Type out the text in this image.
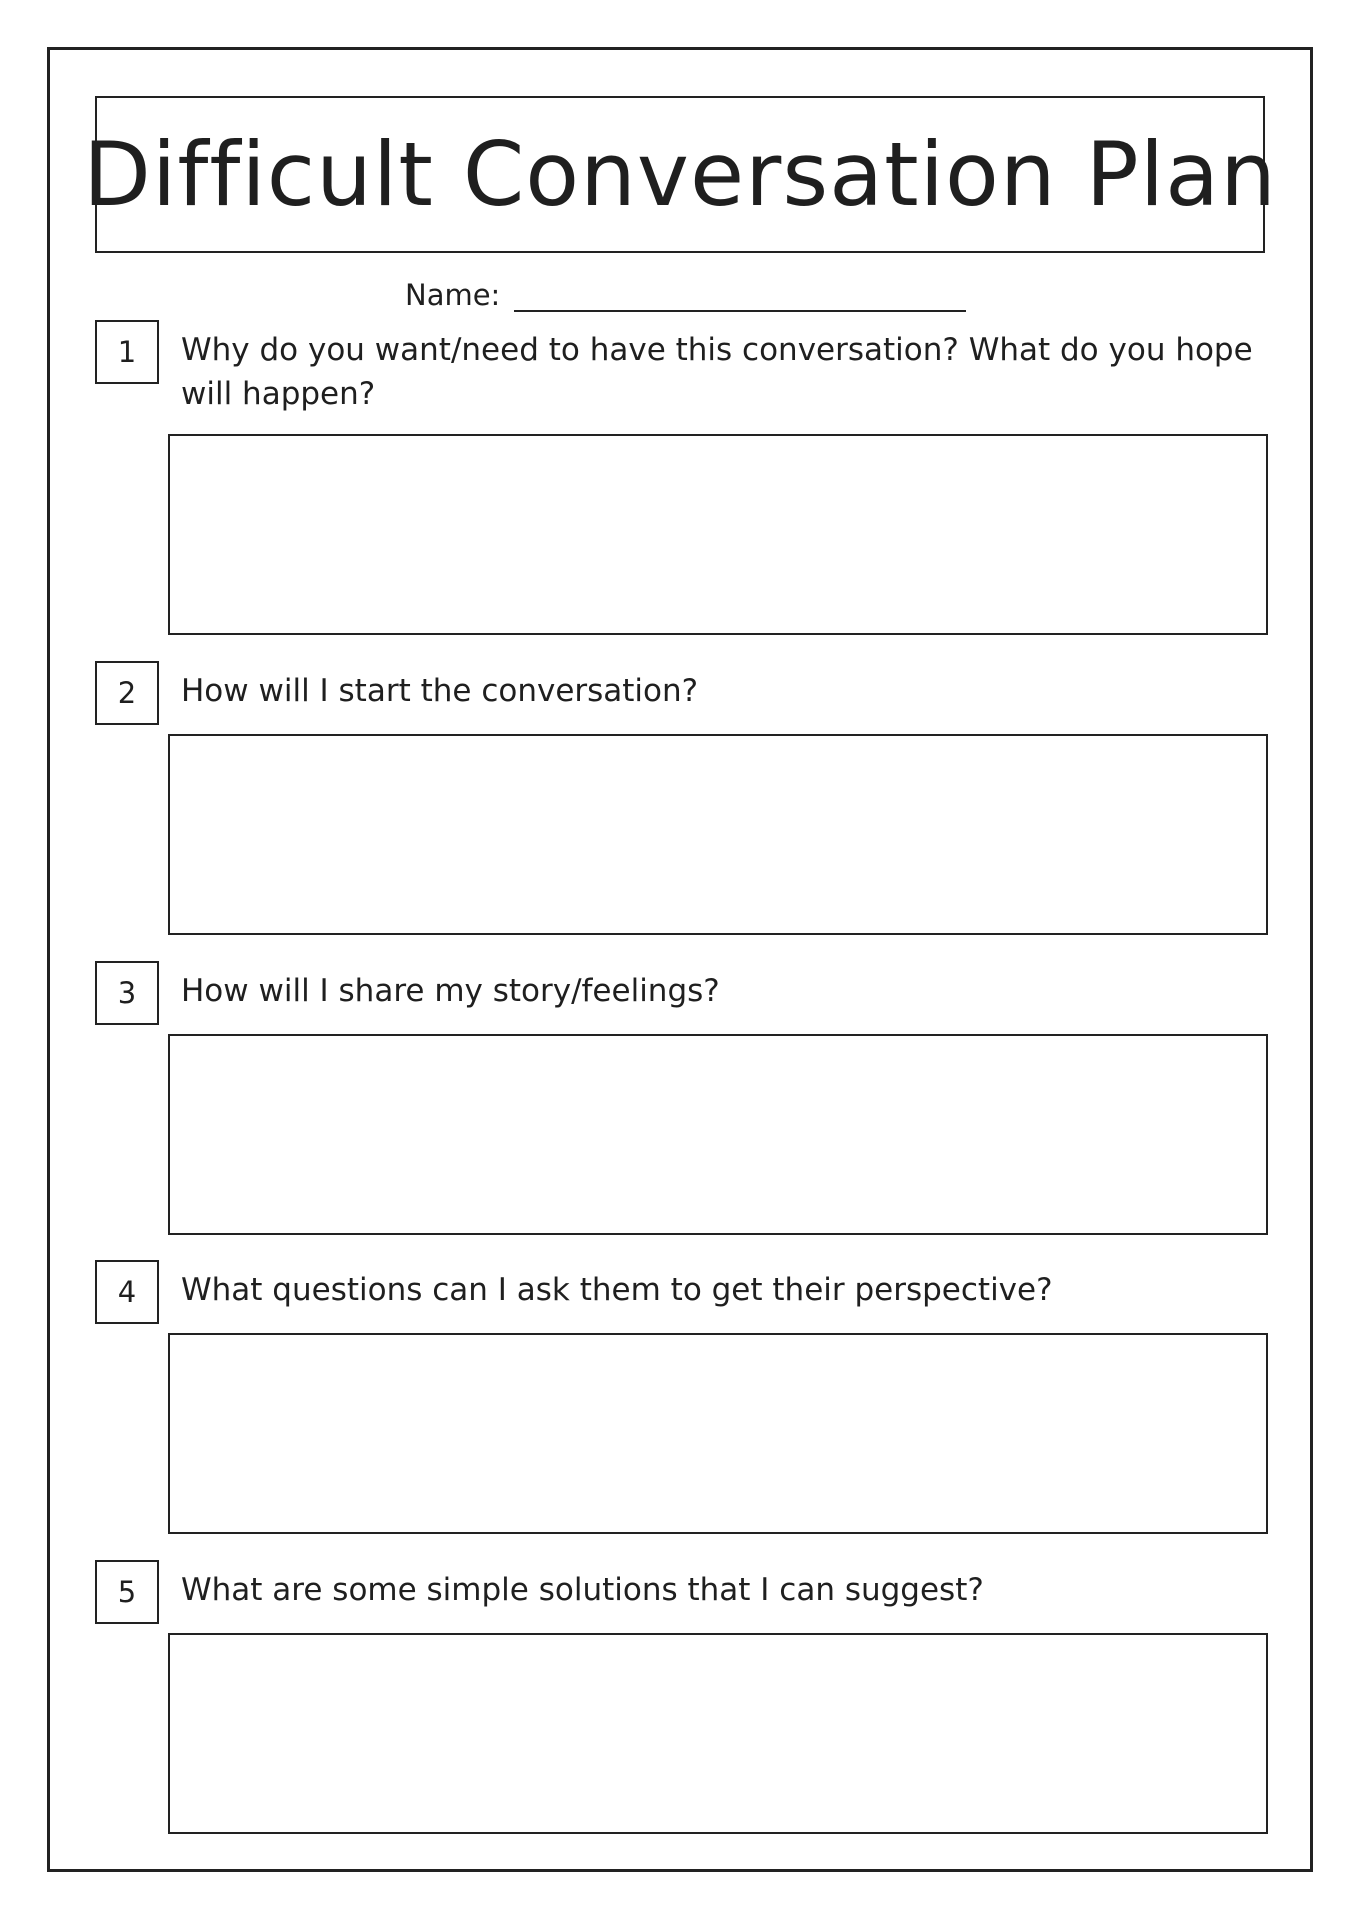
Difficult Conversation Plan
Name:
1	Why do you want/need to have this conversation? What do you hope will happen?

2	How will I start the conversation?

3	How will I share my story/feelings?

4	What questions can I ask them to get their perspective?

5	What are some simple solutions that I can suggest?
